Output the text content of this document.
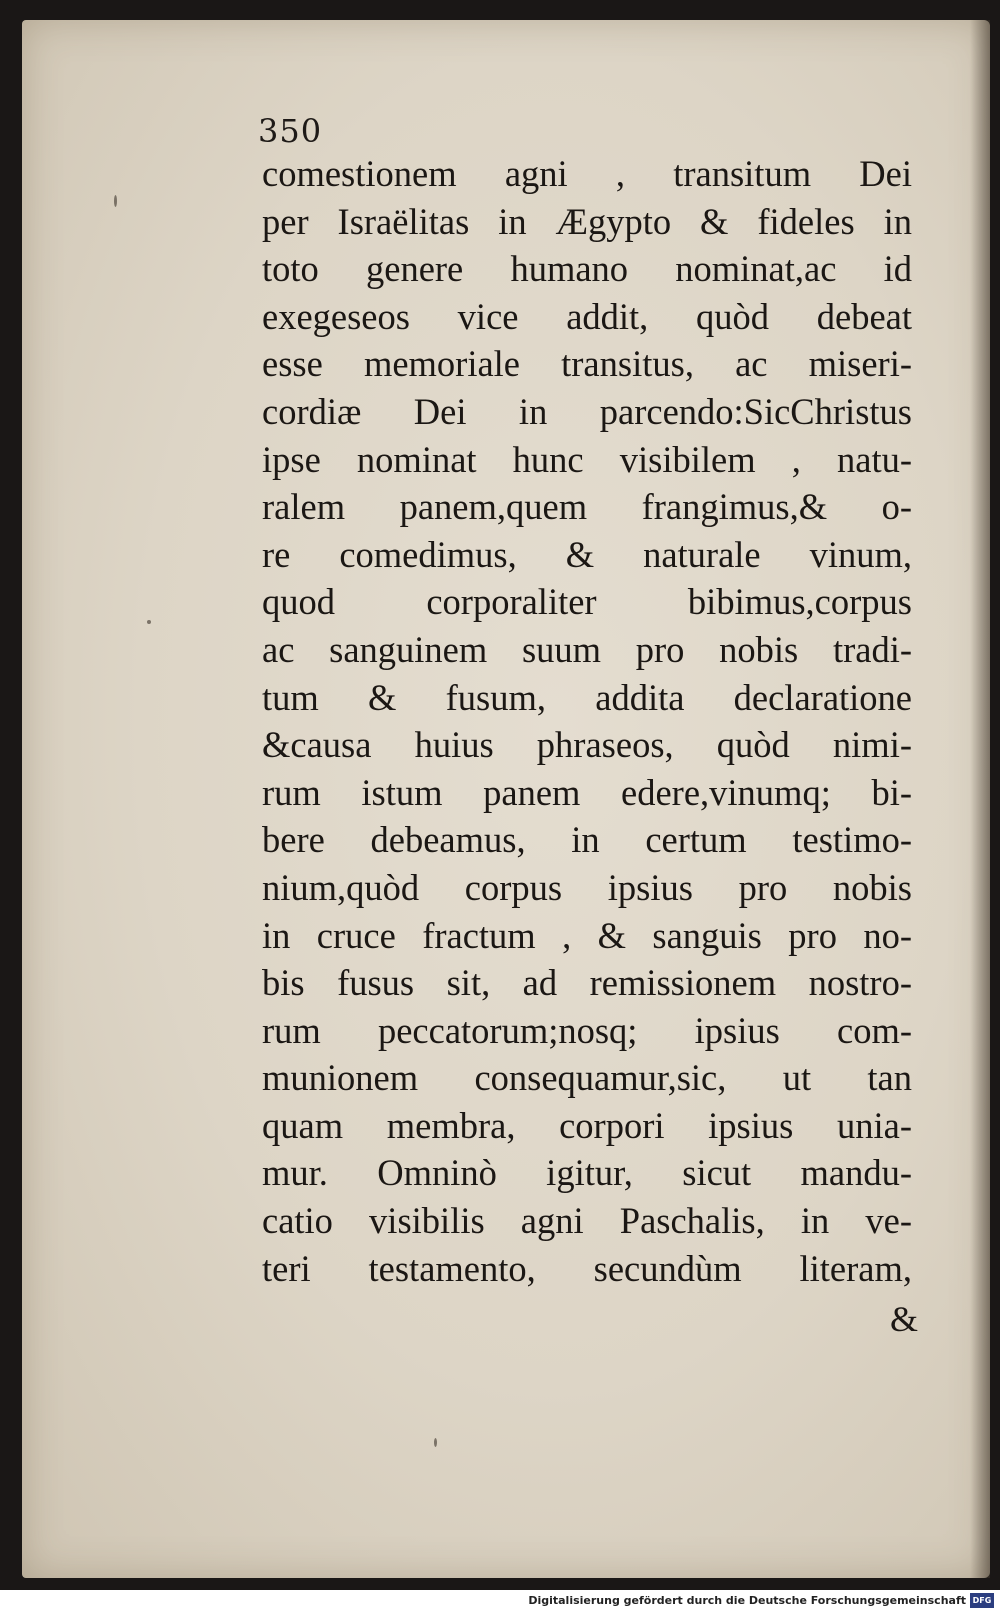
350
comestionem agni , transitum Dei
per Israëlitas in Ægypto & fideles in
toto genere humano nominat,ac id
exegeseos vice addit, quòd debeat
esse memoriale transitus, ac miseri-
cordiæ Dei in parcendo:SicChristus
ipse nominat hunc visibilem , natu-
ralem panem,quem frangimus,& o-
re comedimus, & naturale vinum,
quod corporaliter bibimus,corpus
ac sanguinem suum pro nobis tradi-
tum & fusum, addita declaratione
&causa huius phraseos, quòd nimi-
rum istum panem edere,vinumq; bi-
bere debeamus, in certum testimo-
nium,quòd corpus ipsius pro nobis
in cruce fractum , & sanguis pro no-
bis fusus sit, ad remissionem nostro-
rum peccatorum;nosq; ipsius com-
munionem consequamur,sic, ut tan
quam membra, corpori ipsius unia-
mur. Omninò igitur, sicut mandu-
catio visibilis agni Paschalis, in ve-
teri testamento, secundùm literam,
&
Digitalisierung gefördert durch die Deutsche Forschungsgemeinschaft DFG
